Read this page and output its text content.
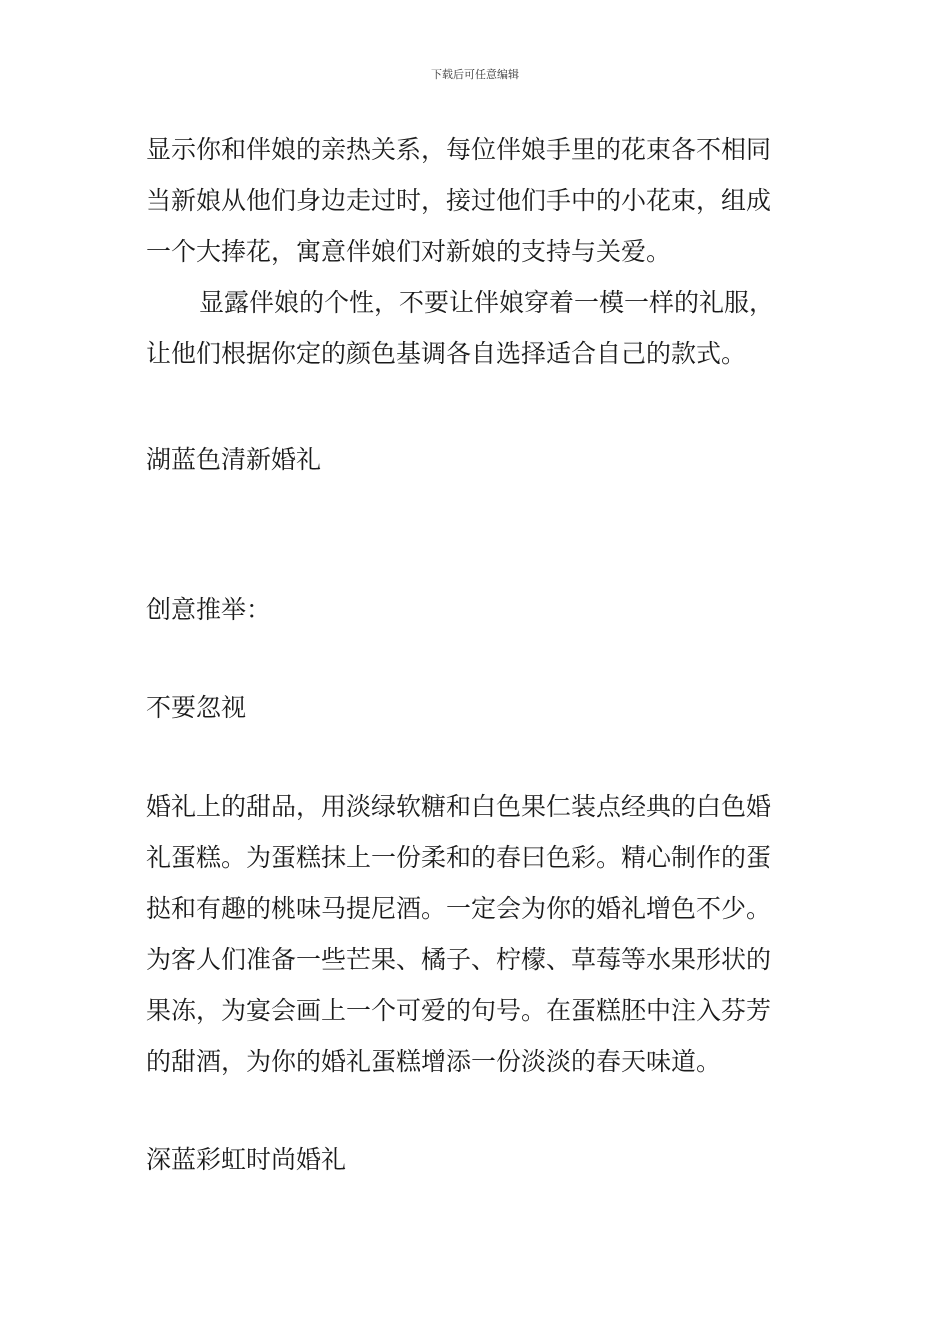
下载后可任意编辑

显示你和伴娘的亲热关系，每位伴娘手里的花束各不相同
当新娘从他们身边走过时，接过他们手中的小花束，组成
一个大捧花，寓意伴娘们对新娘的支持与关爱。

显露伴娘的个性，不要让伴娘穿着一模一样的礼服，
让他们根据你定的颜色基调各自选择适合自己的款式。

湖蓝色清新婚礼

创意推举：

不要忽视

婚礼上的甜品，用淡绿软糖和白色果仁装点经典的白色婚
礼蛋糕。为蛋糕抹上一份柔和的春曰色彩。精心制作的蛋
挞和有趣的桃味马提尼酒。一定会为你的婚礼增色不少。
为客人们准备一些芒果、橘子、柠檬、草莓等水果形状的
果冻，为宴会画上一个可爱的句号。在蛋糕胚中注入芬芳
的甜酒，为你的婚礼蛋糕增添一份淡淡的春天味道。

深蓝彩虹时尚婚礼
